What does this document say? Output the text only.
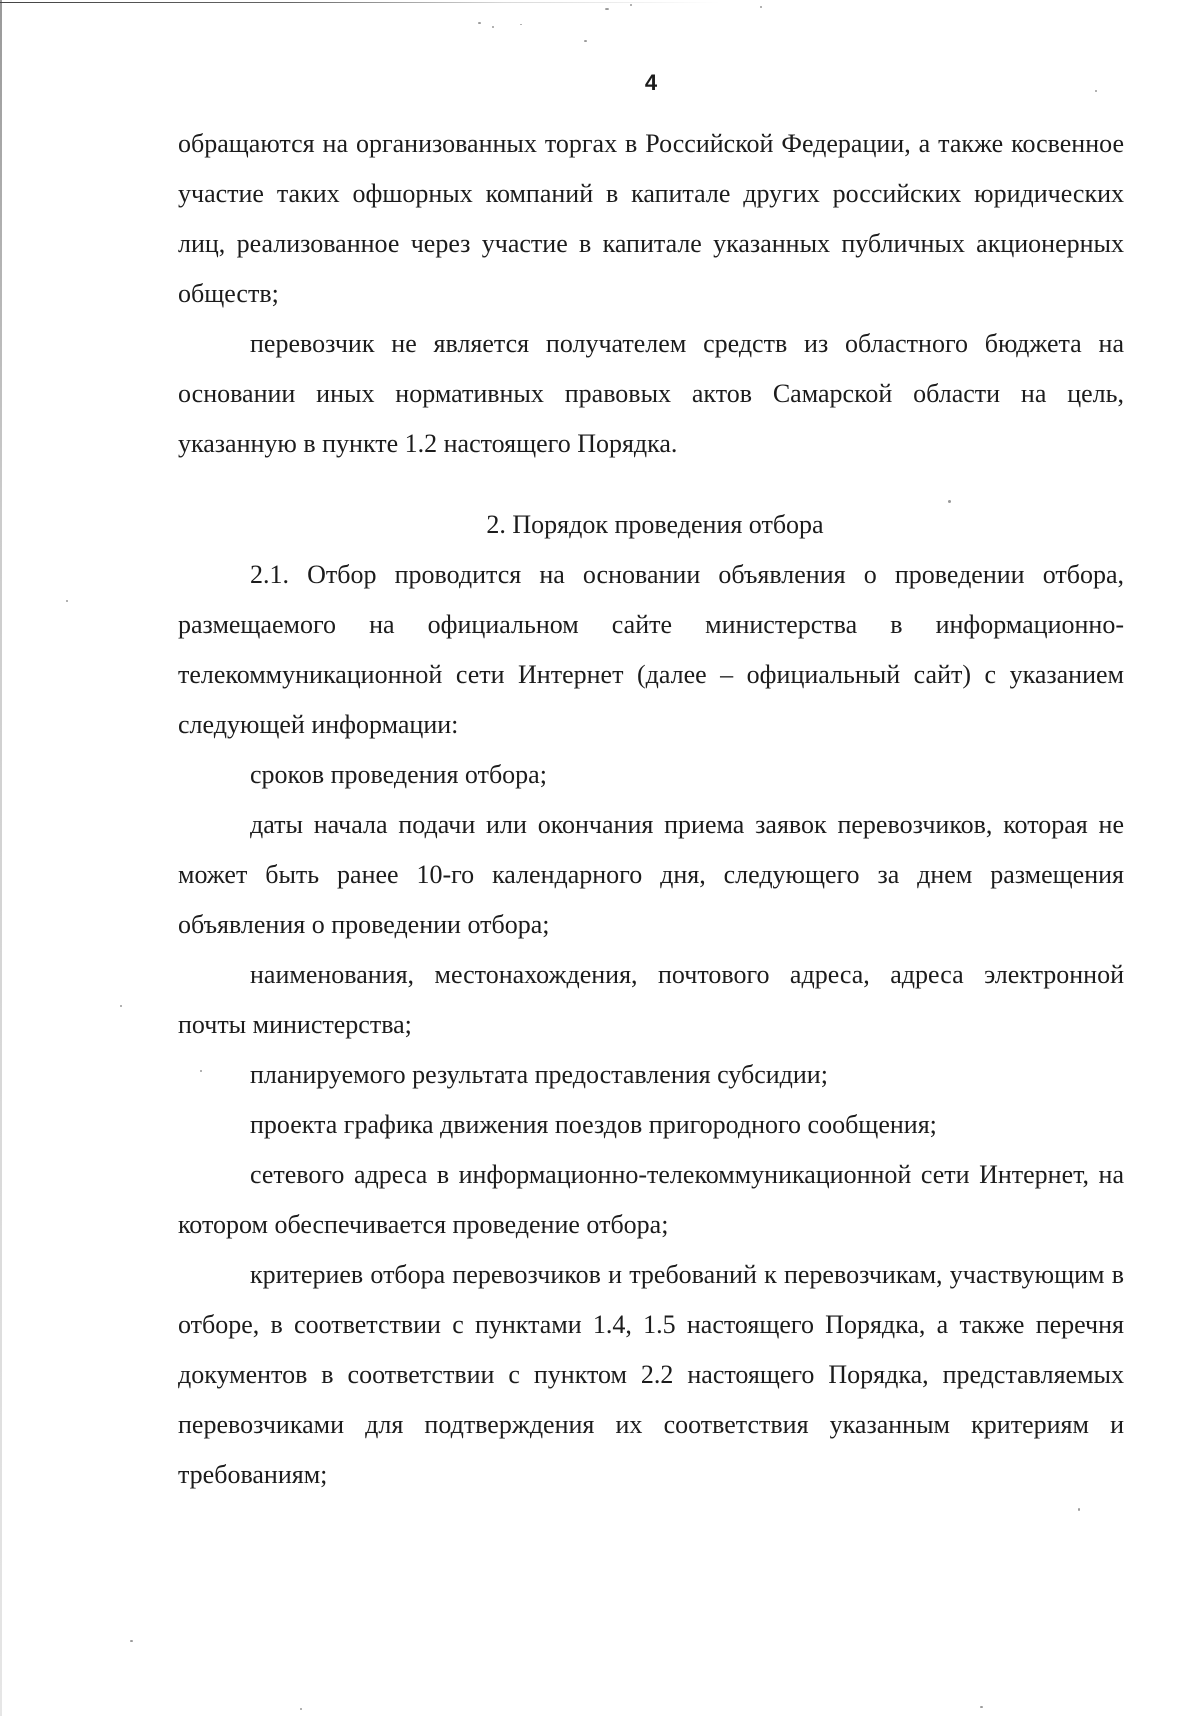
4

обращаются на организованных торгах в Российской Федерации, а также косвенное участие таких офшорных компаний в капитале других российских юридических лиц, реализованное через участие в капитале указанных публичных акционерных обществ;

перевозчик не является получателем средств из областного бюджета на основании иных нормативных правовых актов Самарской области на цель, указанную в пункте 1.2 настоящего Порядка.

2. Порядок проведения отбора

2.1. Отбор проводится на основании объявления о проведении отбора, размещаемого на официальном сайте министерства в информационно-телекоммуникационной сети Интернет (далее – официальный сайт) с указанием следующей информации:

сроков проведения отбора;

даты начала подачи или окончания приема заявок перевозчиков, которая не может быть ранее 10-го календарного дня, следующего за днем размещения объявления о проведении отбора;

наименования, местонахождения, почтового адреса, адреса электронной почты министерства;

планируемого результата предоставления субсидии;

проекта графика движения поездов пригородного сообщения;

сетевого адреса в информационно-телекоммуникационной сети Интернет, на котором обеспечивается проведение отбора;

критериев отбора перевозчиков и требований к перевозчикам, участвующим в отборе, в соответствии с пунктами 1.4, 1.5 настоящего Порядка, а также перечня документов в соответствии с пунктом 2.2 настоящего Порядка, представляемых перевозчиками для подтверждения их соответствия указанным критериям и требованиям;
